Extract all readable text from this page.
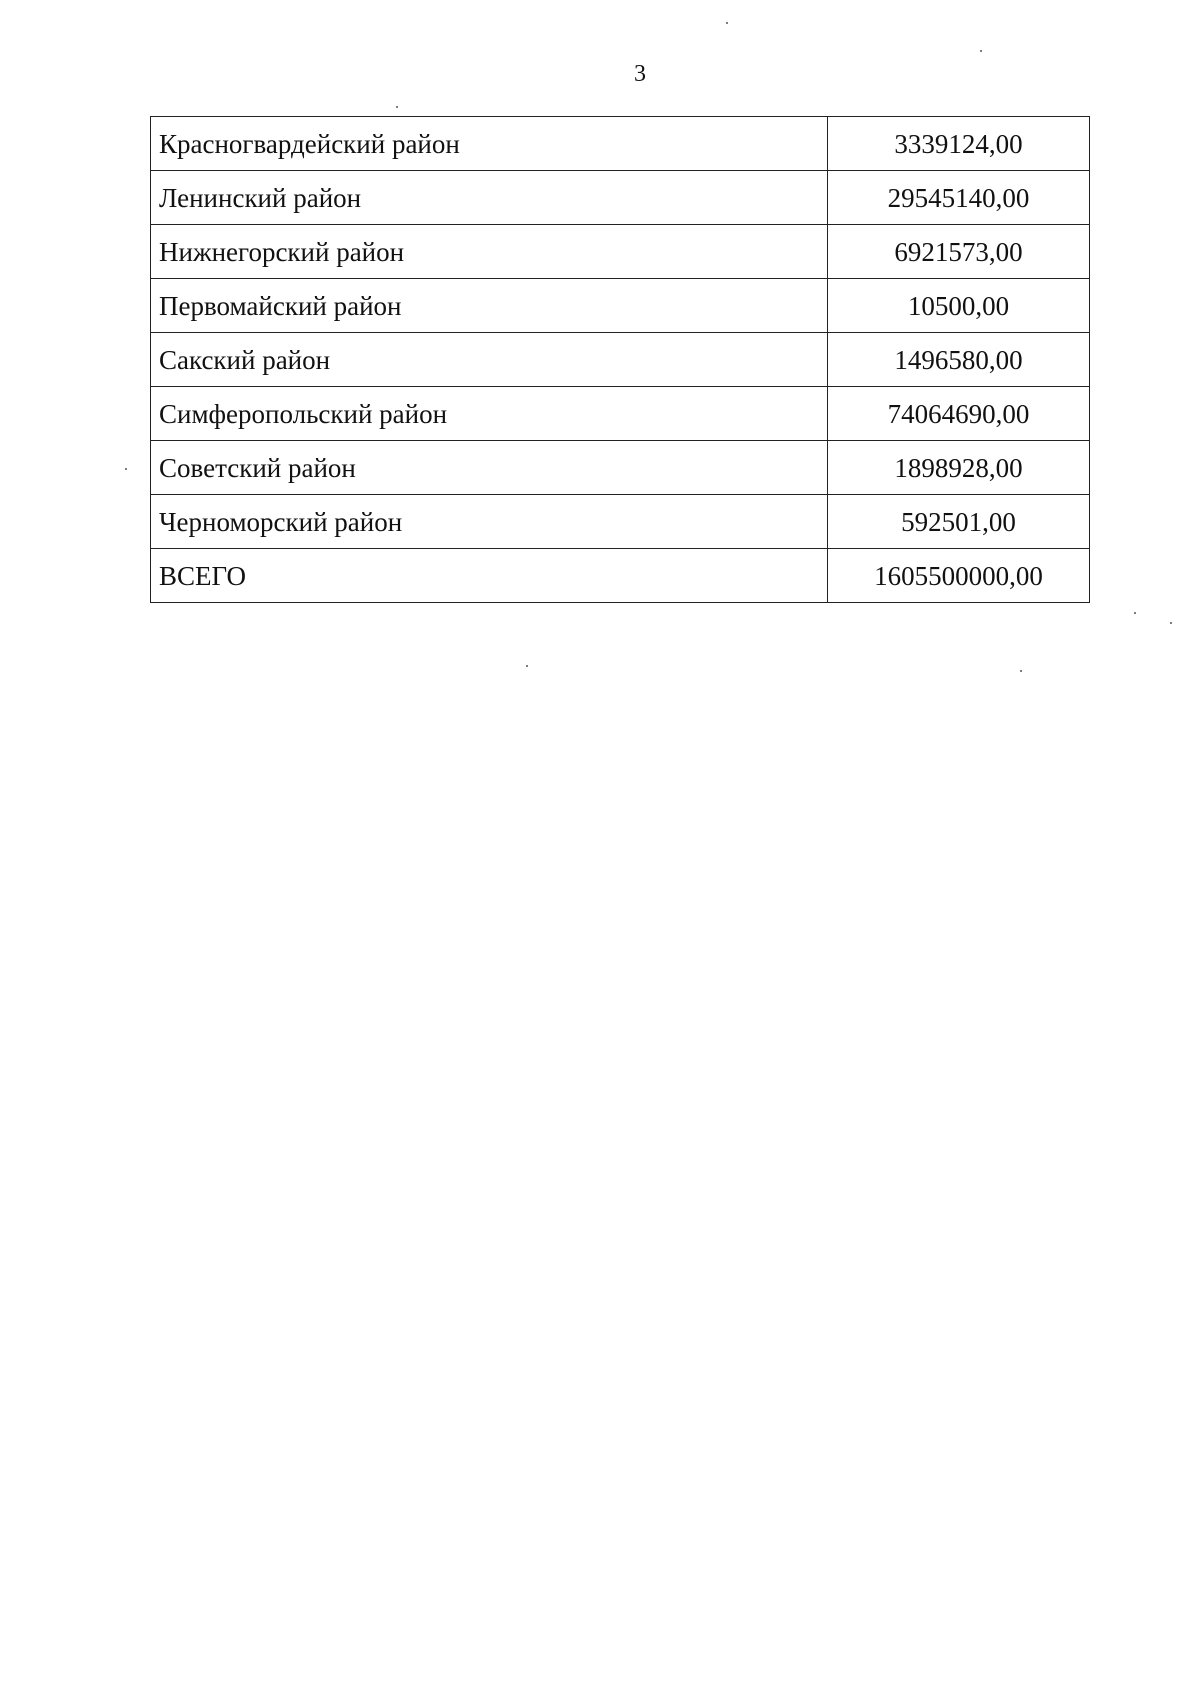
3
Красногвардейский район	3339124,00
Ленинский район	29545140,00
Нижнегорский район	6921573,00
Первомайский район	10500,00
Сакский район	1496580,00
Симферопольский район	74064690,00
Советский район	1898928,00
Черноморский район	592501,00
ВСЕГО	1605500000,00
